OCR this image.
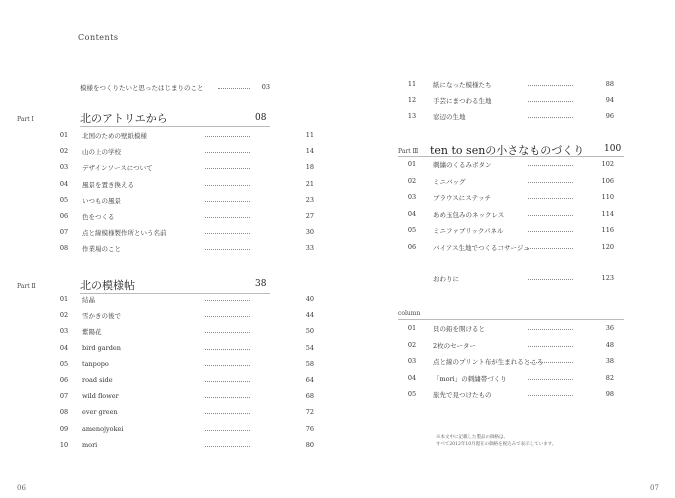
Contents
模様をつくりたいと思ったはじまりのこと	03
Part Ⅰ	北のアトリエから	08
01	北国のための壁紙模様	11
02	山の上の学校	14
03	デザインソースについて	18
04	風景を置き換える	21
05	いつもの風景	23
06	色をつくる	27
07	点と線模様製作所という名前	30
08	作業場のこと	33
Part Ⅱ	北の模様帖	38
01	結晶	40
02	雪かきの後で	44
03	紫陽花	50
04	bird garden	54
05	tanpopo	58
06	road side	64
07	wild flower	68
08	ever green	72
09	amenojyokei	76
10	mori	80
06
11	紙になった模様たち	88
12	手芸にまつわる生地	94
13	窓辺の生地	96
Part Ⅲ ten to senの小さなものづくり 100
01	刺繍のくるみボタン	102
02	ミニバッグ	106
03	ブラウスにステッチ	110
04	あめ玉包みのネックレス	114
05	ミニファブリックパネル	116
06	バイアス生地でつくるコサージュ	120
おわりに	123
column
01	貝の鉛を開けると	36
02	2枚のセーター	48
03	点と線のプリント布が生まれるところ	38
04	「mori」の刺繍帯づくり	82
05	旅先で見つけたもの	98
※本文中に記載した製品の価格は、
すべて2012年10月現在の価格を税込みで表示しています。
07
